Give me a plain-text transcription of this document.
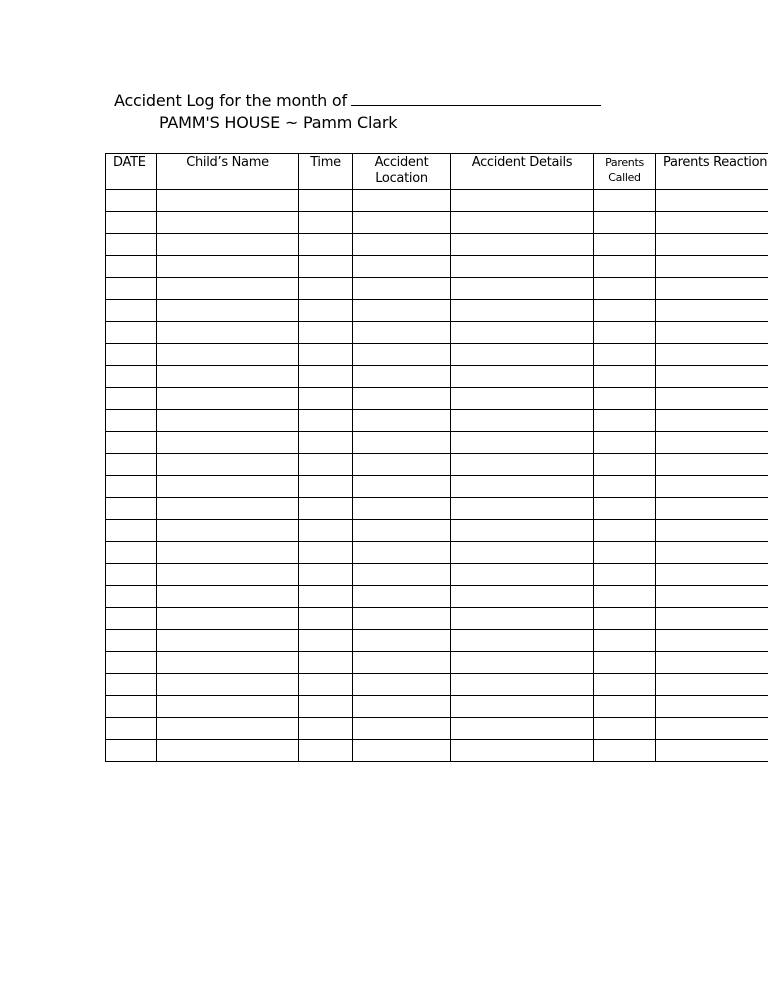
Accident Log for the month of
PAMM'S HOUSE ~ Pamm Clark
DATE	Child’s Name	Time	Accident Location	Accident Details	Parents Called	Parents Reaction
